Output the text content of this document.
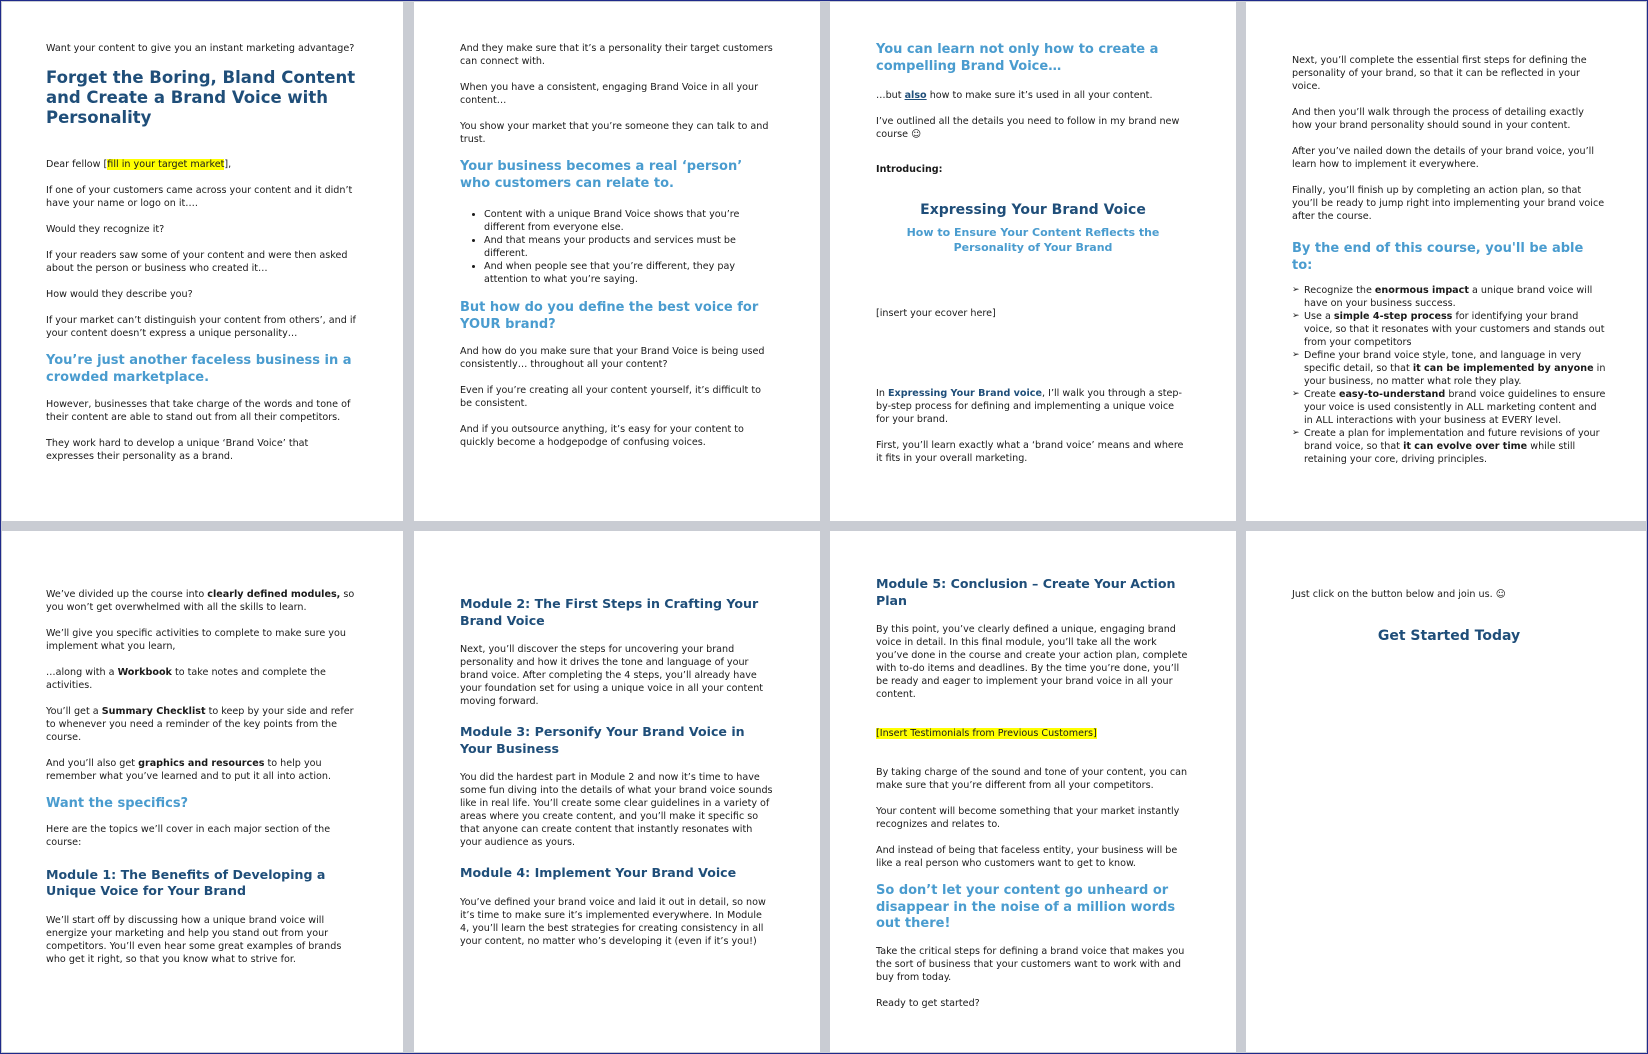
Want your content to give you an instant marketing advantage?

Forget the Boring, Bland Content and Create a Brand Voice with Personality

Dear fellow [fill in your target market],

If one of your customers came across your content and it didn’t have your name or logo on it….

Would they recognize it?

If your readers saw some of your content and were then asked about the person or business who created it…

How would they describe you?

If your market can’t distinguish your content from others’, and if your content doesn’t express a unique personality…

You’re just another faceless business in a crowded marketplace.

However, businesses that take charge of the words and tone of their content are able to stand out from all their competitors.

They work hard to develop a unique ‘Brand Voice’ that expresses their personality as a brand.

And they make sure that it’s a personality their target customers can connect with.

When you have a consistent, engaging Brand Voice in all your content…

You show your market that you’re someone they can talk to and trust.

Your business becomes a real ‘person’ who customers can relate to.
• Content with a unique Brand Voice shows that you’re different from everyone else.
• And that means your products and services must be different.
• And when people see that you’re different, they pay attention to what you’re saying.
But how do you define the best voice for YOUR brand?

And how do you make sure that your Brand Voice is being used consistently… throughout all your content?

Even if you’re creating all your content yourself, it’s difficult to be consistent.

And if you outsource anything, it’s easy for your content to quickly become a hodgepodge of confusing voices.

You can learn not only how to create a compelling Brand Voice…

…but also how to make sure it’s used in all your content.

I’ve outlined all the details you need to follow in my brand new course ☺

Introducing:

Expressing Your Brand Voice
How to Ensure Your Content Reflects the Personality of Your Brand

[insert your ecover here]

In Expressing Your Brand voice, I’ll walk you through a step-by-step process for defining and implementing a unique voice for your brand.

First, you’ll learn exactly what a ‘brand voice’ means and where it fits in your overall marketing.

Next, you’ll complete the essential first steps for defining the personality of your brand, so that it can be reflected in your voice.

And then you’ll walk through the process of detailing exactly how your brand personality should sound in your content.

After you’ve nailed down the details of your brand voice, you’ll learn how to implement it everywhere.

Finally, you’ll finish up by completing an action plan, so that you’ll be ready to jump right into implementing your brand voice after the course.

By the end of this course, you'll be able to:
➢ Recognize the enormous impact a unique brand voice will have on your business success.
➢ Use a simple 4-step process for identifying your brand voice, so that it resonates with your customers and stands out from your competitors
➢ Define your brand voice style, tone, and language in very specific detail, so that it can be implemented by anyone in your business, no matter what role they play.
➢ Create easy-to-understand brand voice guidelines to ensure your voice is used consistently in ALL marketing content and in ALL interactions with your business at EVERY level.
➢ Create a plan for implementation and future revisions of your brand voice, so that it can evolve over time while still retaining your core, driving principles.

We’ve divided up the course into clearly defined modules, so you won’t get overwhelmed with all the skills to learn.

We’ll give you specific activities to complete to make sure you implement what you learn,

…along with a Workbook to take notes and complete the activities.

You’ll get a Summary Checklist to keep by your side and refer to whenever you need a reminder of the key points from the course.

And you’ll also get graphics and resources to help you remember what you’ve learned and to put it all into action.

Want the specifics?

Here are the topics we’ll cover in each major section of the course:

Module 1: The Benefits of Developing a Unique Voice for Your Brand

We’ll start off by discussing how a unique brand voice will energize your marketing and help you stand out from your competitors. You’ll even hear some great examples of brands who get it right, so that you know what to strive for.

Module 2: The First Steps in Crafting Your Brand Voice

Next, you’ll discover the steps for uncovering your brand personality and how it drives the tone and language of your brand voice. After completing the 4 steps, you’ll already have your foundation set for using a unique voice in all your content moving forward.

Module 3: Personify Your Brand Voice in Your Business

You did the hardest part in Module 2 and now it’s time to have some fun diving into the details of what your brand voice sounds like in real life. You’ll create some clear guidelines in a variety of areas where you create content, and you’ll make it specific so that anyone can create content that instantly resonates with your audience as yours.

Module 4: Implement Your Brand Voice

You’ve defined your brand voice and laid it out in detail, so now it’s time to make sure it’s implemented everywhere. In Module 4, you’ll learn the best strategies for creating consistency in all your content, no matter who’s developing it (even if it’s you!)

Module 5: Conclusion – Create Your Action Plan

By this point, you’ve clearly defined a unique, engaging brand voice in detail. In this final module, you’ll take all the work you’ve done in the course and create your action plan, complete with to-do items and deadlines. By the time you’re done, you’ll be ready and eager to implement your brand voice in all your content.

[Insert Testimonials from Previous Customers]

By taking charge of the sound and tone of your content, you can make sure that you’re different from all your competitors.

Your content will become something that your market instantly recognizes and relates to.

And instead of being that faceless entity, your business will be like a real person who customers want to get to know.

So don’t let your content go unheard or disappear in the noise of a million words out there!

Take the critical steps for defining a brand voice that makes you the sort of business that your customers want to work with and buy from today.

Ready to get started?

Just click on the button below and join us. ☺

Get Started Today
